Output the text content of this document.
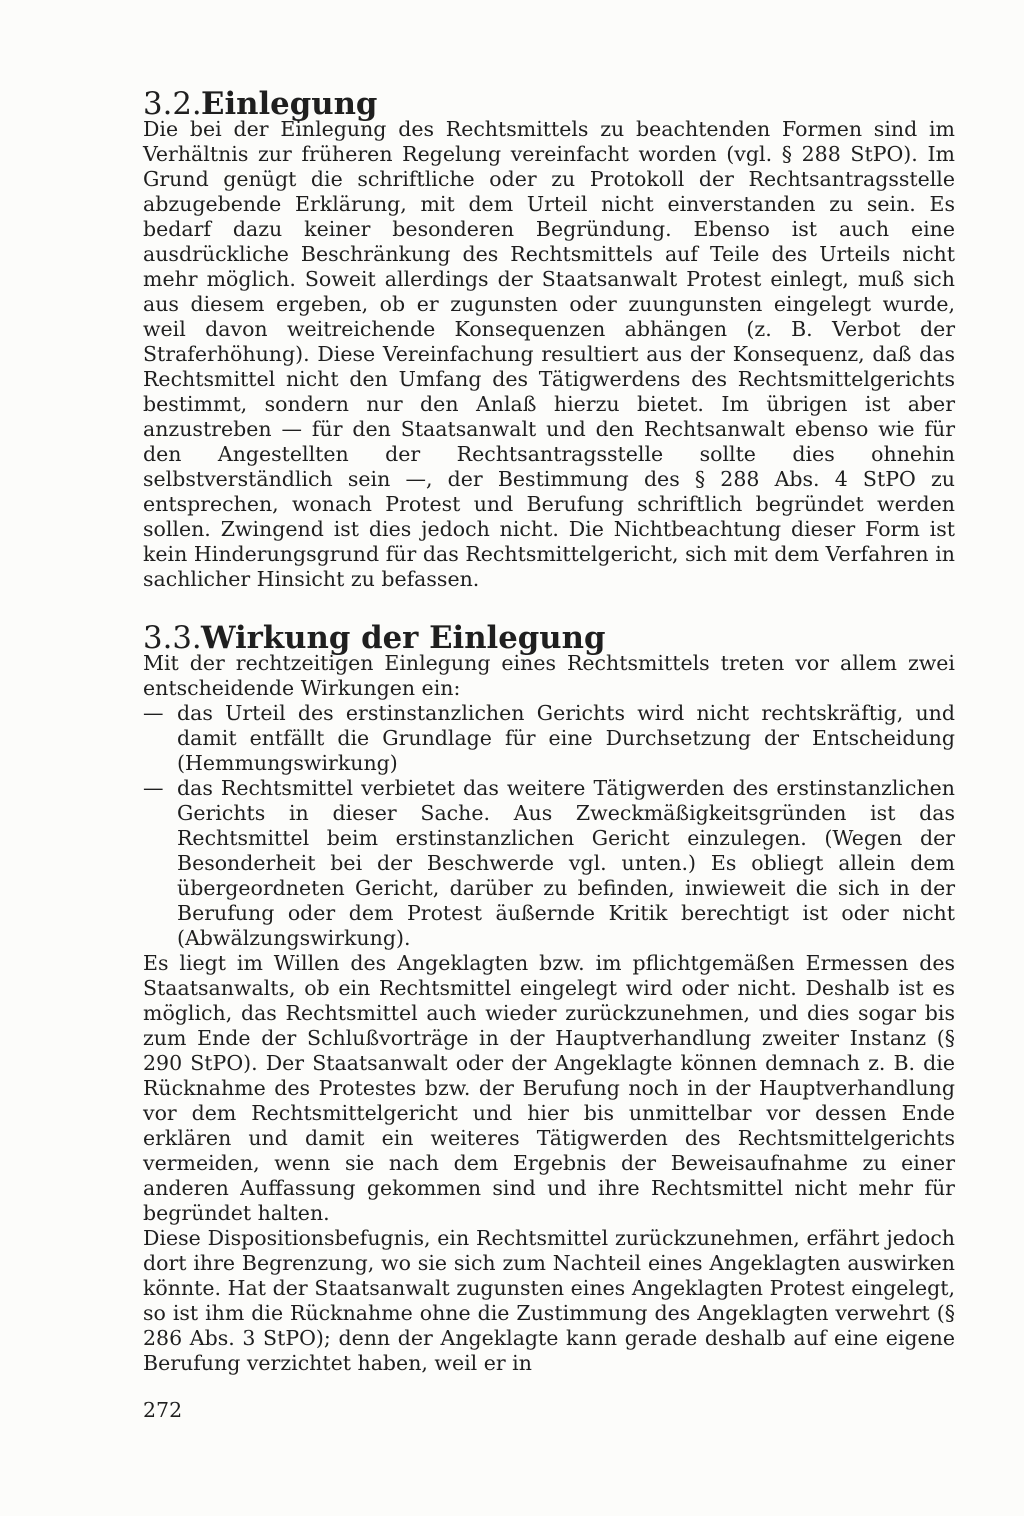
3.2.Einlegung

Die bei der Einlegung des Rechtsmittels zu beachtenden Formen sind im Verhältnis zur früheren Regelung vereinfacht worden (vgl. § 288 StPO). Im Grund genügt die schriftliche oder zu Protokoll der Rechtsantragsstelle abzugebende Erklärung, mit dem Urteil nicht einverstanden zu sein. Es bedarf dazu keiner besonderen Begründung. Ebenso ist auch eine ausdrückliche Beschränkung des Rechtsmittels auf Teile des Urteils nicht mehr möglich. Soweit allerdings der Staatsanwalt Protest einlegt, muß sich aus diesem ergeben, ob er zugunsten oder zuungunsten eingelegt wurde, weil davon weitreichende Konsequenzen abhängen (z. B. Verbot der Straferhöhung). Diese Vereinfachung resultiert aus der Konsequenz, daß das Rechtsmittel nicht den Umfang des Tätigwerdens des Rechtsmittelgerichts bestimmt, sondern nur den Anlaß hierzu bietet. Im übrigen ist aber anzustreben — für den Staatsanwalt und den Rechtsanwalt ebenso wie für den Angestellten der Rechtsantragsstelle sollte dies ohnehin selbstverständlich sein —, der Bestimmung des § 288 Abs. 4 StPO zu entsprechen, wonach Protest und Berufung schriftlich begründet werden sollen. Zwingend ist dies jedoch nicht. Die Nichtbeachtung dieser Form ist kein Hinderungsgrund für das Rechtsmittelgericht, sich mit dem Verfahren in sachlicher Hinsicht zu befassen.

3.3.Wirkung der Einlegung

Mit der rechtzeitigen Einlegung eines Rechtsmittels treten vor allem zwei entscheidende Wirkungen ein:

— das Urteil des erstinstanzlichen Gerichts wird nicht rechtskräftig, und damit entfällt die Grundlage für eine Durchsetzung der Entscheidung (Hemmungswirkung)
— das Rechtsmittel verbietet das weitere Tätigwerden des erstinstanzlichen Gerichts in dieser Sache. Aus Zweckmäßigkeitsgründen ist das Rechtsmittel beim erstinstanzlichen Gericht einzulegen. (Wegen der Besonderheit bei der Beschwerde vgl. unten.) Es obliegt allein dem übergeordneten Gericht, darüber zu befinden, inwieweit die sich in der Berufung oder dem Protest äußernde Kritik berechtigt ist oder nicht (Abwälzungswirkung).

Es liegt im Willen des Angeklagten bzw. im pflichtgemäßen Ermessen des Staatsanwalts, ob ein Rechtsmittel eingelegt wird oder nicht. Deshalb ist es möglich, das Rechtsmittel auch wieder zurückzunehmen, und dies sogar bis zum Ende der Schlußvorträge in der Hauptverhandlung zweiter Instanz (§ 290 StPO). Der Staatsanwalt oder der Angeklagte können demnach z. B. die Rücknahme des Protestes bzw. der Berufung noch in der Hauptverhandlung vor dem Rechtsmittelgericht und hier bis unmittelbar vor dessen Ende erklären und damit ein weiteres Tätigwerden des Rechtsmittelgerichts vermeiden, wenn sie nach dem Ergebnis der Beweisaufnahme zu einer anderen Auffassung gekommen sind und ihre Rechtsmittel nicht mehr für begründet halten.

Diese Dispositionsbefugnis, ein Rechtsmittel zurückzunehmen, erfährt jedoch dort ihre Begrenzung, wo sie sich zum Nachteil eines Angeklagten auswirken könnte. Hat der Staatsanwalt zugunsten eines Angeklagten Protest eingelegt, so ist ihm die Rücknahme ohne die Zustimmung des Angeklagten verwehrt (§ 286 Abs. 3 StPO); denn der Angeklagte kann gerade deshalb auf eine eigene Berufung verzichtet haben, weil er in

272
